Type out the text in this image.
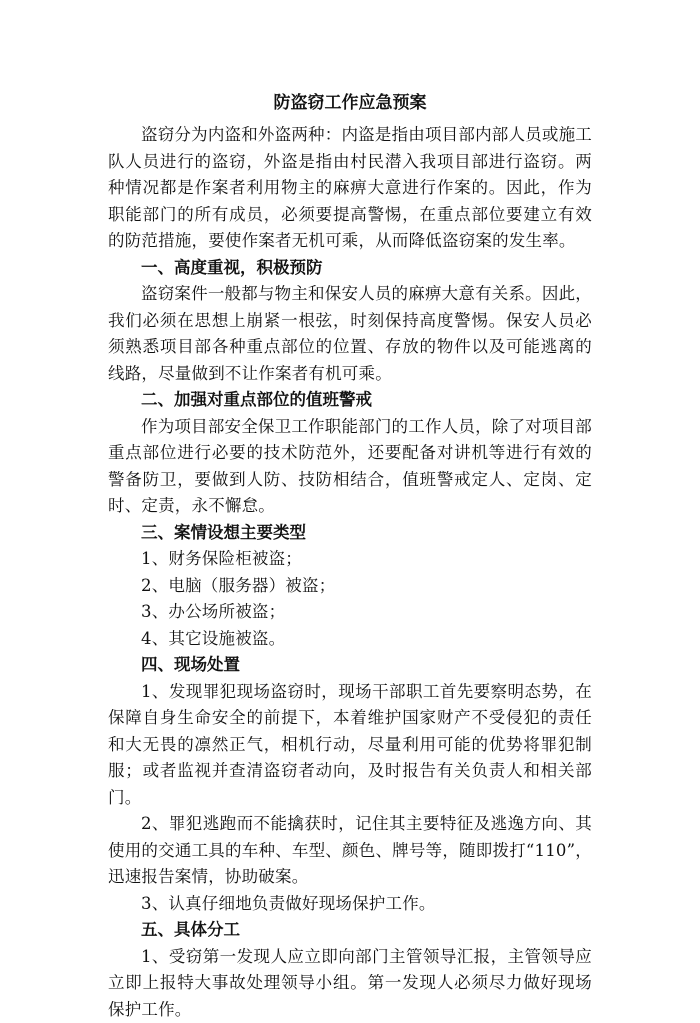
防盗窃工作应急预案

盗窃分为内盗和外盗两种：内盗是指由项目部内部人员或施工队人员进行的盗窃，外盗是指由村民潜入我项目部进行盗窃。两种情况都是作案者利用物主的麻痹大意进行作案的。因此，作为职能部门的所有成员，必须要提高警惕，在重点部位要建立有效的防范措施，要使作案者无机可乘，从而降低盗窃案的发生率。

一、高度重视，积极预防

盗窃案件一般都与物主和保安人员的麻痹大意有关系。因此，我们必须在思想上崩紧一根弦，时刻保持高度警惕。保安人员必须熟悉项目部各种重点部位的位置、存放的物件以及可能逃离的线路，尽量做到不让作案者有机可乘。

二、加强对重点部位的值班警戒

作为项目部安全保卫工作职能部门的工作人员，除了对项目部重点部位进行必要的技术防范外，还要配备对讲机等进行有效的警备防卫，要做到人防、技防相结合，值班警戒定人、定岗、定时、定责，永不懈怠。

三、案情设想主要类型

1、财务保险柜被盗；

2、电脑（服务器）被盗；

3、办公场所被盗；

4、其它设施被盗。

四、现场处置

1、发现罪犯现场盗窃时，现场干部职工首先要察明态势，在保障自身生命安全的前提下，本着维护国家财产不受侵犯的责任和大无畏的凛然正气，相机行动，尽量利用可能的优势将罪犯制服；或者监视并查清盗窃者动向，及时报告有关负责人和相关部门。

2、罪犯逃跑而不能擒获时，记住其主要特征及逃逸方向、其使用的交通工具的车种、车型、颜色、牌号等，随即拨打“110”，迅速报告案情，协助破案。

3、认真仔细地负责做好现场保护工作。

五、具体分工

1、受窃第一发现人应立即向部门主管领导汇报，主管领导应立即上报特大事故处理领导小组。第一发现人必须尽力做好现场保护工作。
